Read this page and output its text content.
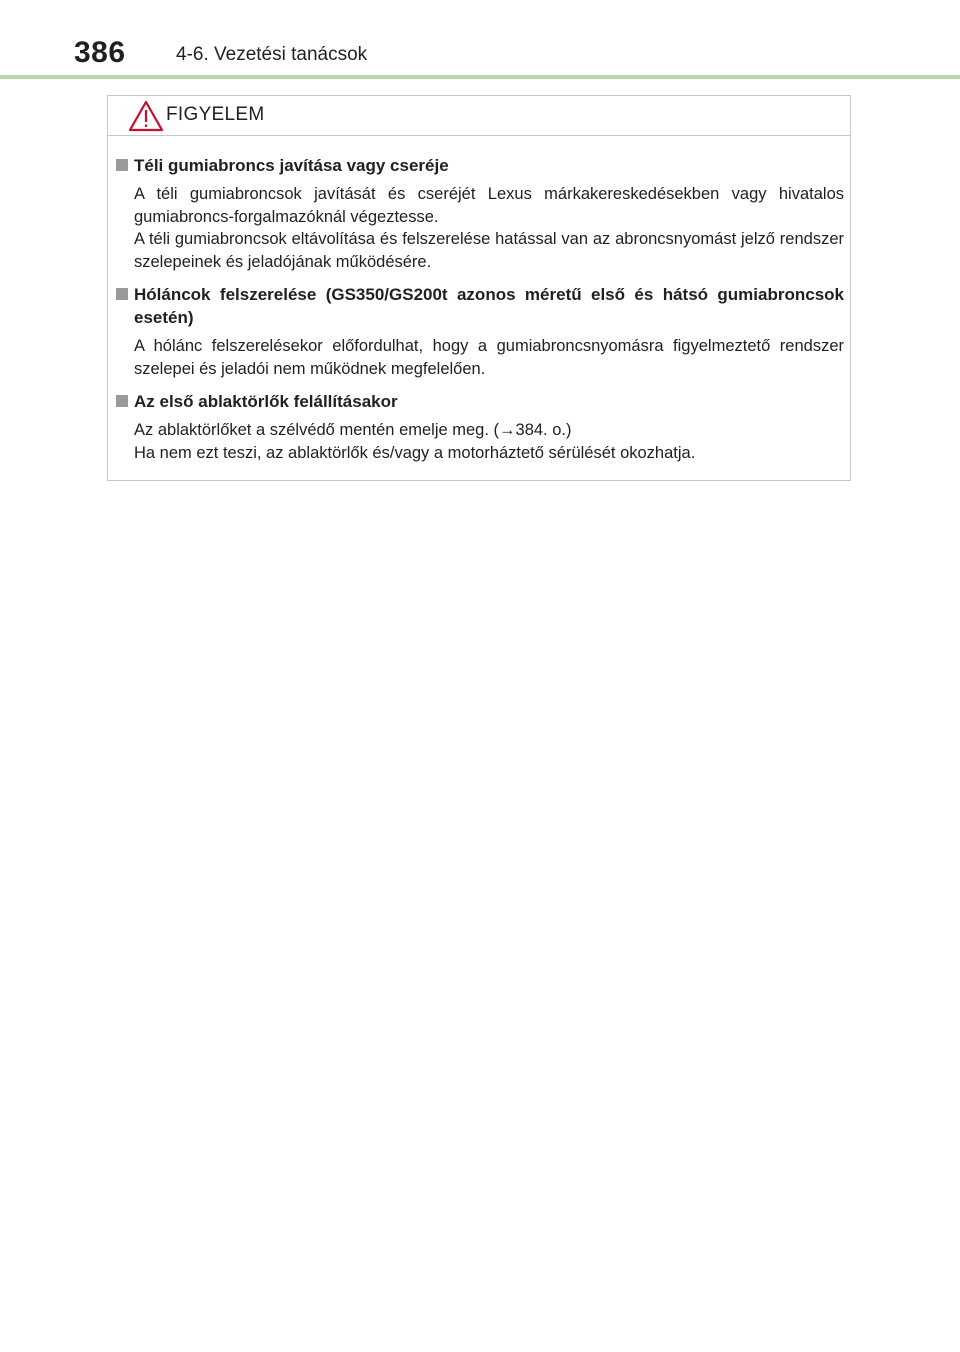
386	4-6. Vezetési tanácsok
FIGYELEM
Téli gumiabroncs javítása vagy cseréje

A téli gumiabroncsok javítását és cseréjét Lexus márkakereskedésekben vagy hivatalos gumiabroncs-forgalmazóknál végeztesse.

A téli gumiabroncsok eltávolítása és felszerelése hatással van az abroncsnyomást jelző rendszer szelepeinek és jeladójának működésére.

Hóláncok felszerelése (GS350/GS200t azonos méretű első és hátsó gumiabroncsok esetén)

A hólánc felszerelésekor előfordulhat, hogy a gumiabroncsnyomásra figyelmeztető rendszer szelepei és jeladói nem működnek megfelelően.

Az első ablaktörlők felállításakor

Az ablaktörlőket a szélvédő mentén emelje meg. (→384. o.)

Ha nem ezt teszi, az ablaktörlők és/vagy a motorháztető sérülését okozhatja.
